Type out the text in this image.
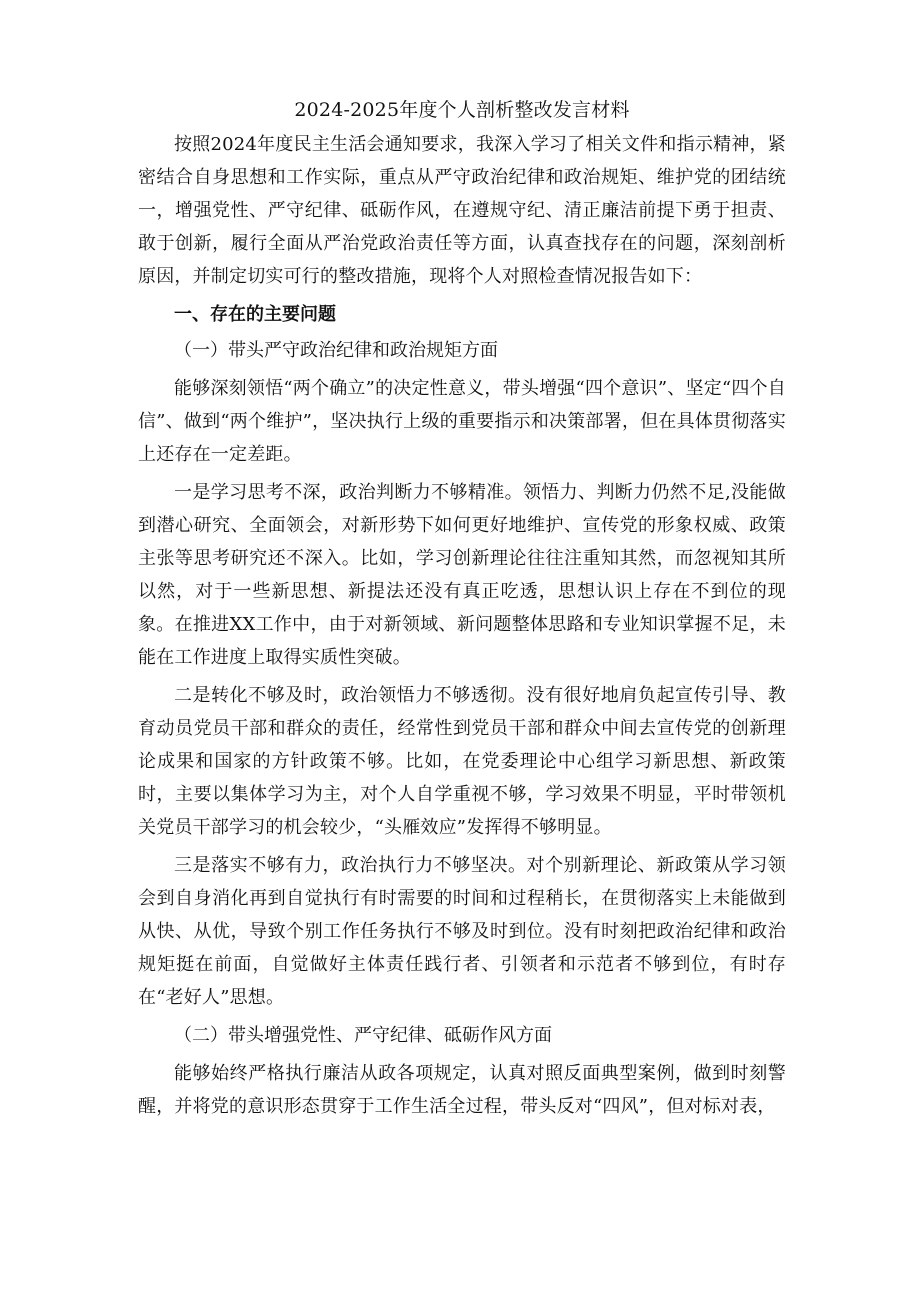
2024-2025年度个人剖析整改发言材料

按照2024年度民主生活会通知要求，我深入学习了相关文件和指示精神，紧密结合自身思想和工作实际，重点从严守政治纪律和政治规矩、维护党的团结统一，增强党性、严守纪律、砥砺作风，在遵规守纪、清正廉洁前提下勇于担责、敢于创新，履行全面从严治党政治责任等方面，认真查找存在的问题，深刻剖析原因，并制定切实可行的整改措施，现将个人对照检查情况报告如下：

一、存在的主要问题
（一）带头严守政治纪律和政治规矩方面

能够深刻领悟“两个确立”的决定性意义，带头增强“四个意识”、坚定“四个自信”、做到“两个维护”，坚决执行上级的重要指示和决策部署，但在具体贯彻落实上还存在一定差距。

一是学习思考不深，政治判断力不够精准。领悟力、判断力仍然不足,没能做到潜心研究、全面领会，对新形势下如何更好地维护、宣传党的形象权威、政策主张等思考研究还不深入。比如，学习创新理论往往注重知其然，而忽视知其所以然，对于一些新思想、新提法还没有真正吃透，思想认识上存在不到位的现象。在推进XX工作中，由于对新领域、新问题整体思路和专业知识掌握不足，未能在工作进度上取得实质性突破。

二是转化不够及时，政治领悟力不够透彻。没有很好地肩负起宣传引导、教育动员党员干部和群众的责任，经常性到党员干部和群众中间去宣传党的创新理论成果和国家的方针政策不够。比如，在党委理论中心组学习新思想、新政策时，主要以集体学习为主，对个人自学重视不够，学习效果不明显，平时带领机关党员干部学习的机会较少，“头雁效应”发挥得不够明显。

三是落实不够有力，政治执行力不够坚决。对个别新理论、新政策从学习领会到自身消化再到自觉执行有时需要的时间和过程稍长，在贯彻落实上未能做到从快、从优，导致个别工作任务执行不够及时到位。没有时刻把政治纪律和政治规矩挺在前面，自觉做好主体责任践行者、引领者和示范者不够到位，有时存在“老好人”思想。

（二）带头增强党性、严守纪律、砥砺作风方面

能够始终严格执行廉洁从政各项规定，认真对照反面典型案例，做到时刻警醒，并将党的意识形态贯穿于工作生活全过程，带头反对“四风”，但对标对表，
